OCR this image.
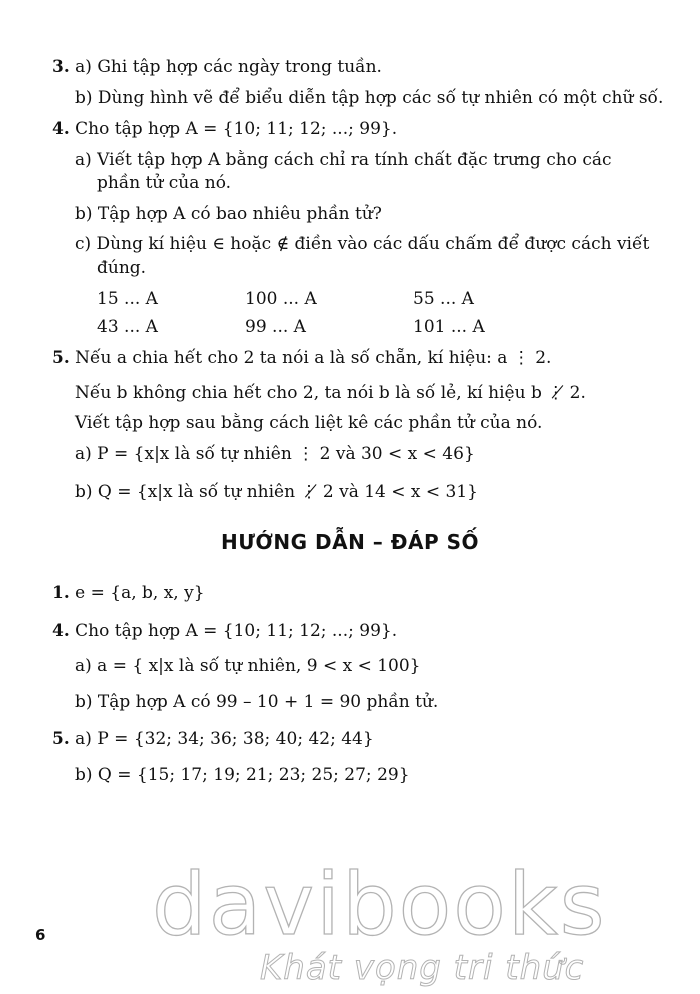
3. a) Ghi tập hợp các ngày trong tuần.
b) Dùng hình vẽ để biểu diễn tập hợp các số tự nhiên có một chữ số.
4. Cho tập hợp A = {10; 11; 12; ...; 99}.
a) Viết tập hợp A bằng cách chỉ ra tính chất đặc trưng cho các
phần tử của nó.
b) Tập hợp A có bao nhiêu phần tử?
c) Dùng kí hiệu ∈ hoặc ∉ điền vào các dấu chấm để được cách viết
đúng.
15 ... A	100 ... A	55 ... A
43 ... A	99 ... A	101 ... A
5. Nếu a chia hết cho 2 ta nói a là số chẵn, kí hiệu: a ⋮ 2.
Nếu b không chia hết cho 2, ta nói b là số lẻ, kí hiệu b ⋮̸ 2.
Viết tập hợp sau bằng cách liệt kê các phần tử của nó.
a) P = {x|x là số tự nhiên ⋮ 2 và 30 < x < 46}
b) Q = {x|x là số tự nhiên ⋮̸ 2 và 14 < x < 31}
HƯỚNG DẪN – ĐÁP SỐ
1. e = {a, b, x, y}
4. Cho tập hợp A = {10; 11; 12; ...; 99}.
a) a = { x|x là số tự nhiên, 9 < x < 100}
b) Tập hợp A có 99 – 10 + 1 = 90 phần tử.
5. a) P = {32; 34; 36; 38; 40; 42; 44}
b) Q = {15; 17; 19; 21; 23; 25; 27; 29}
6 davibooks
Khát vọng tri thức
